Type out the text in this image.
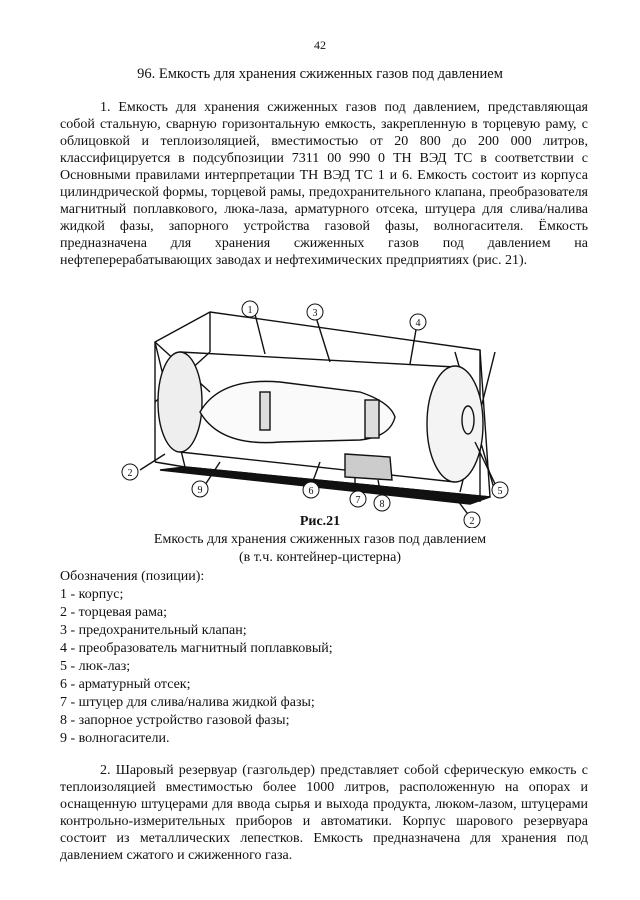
42
96. Емкость для хранения сжиженных газов под давлением
1. Емкость для хранения сжиженных газов под давлением, представляющая собой стальную, сварную горизонтальную емкость, закрепленную в торцевую раму, с облицовкой и теплоизоляцией, вместимостью от 20 800 до 200 000 литров, классифицируется в подсубпозиции 7311 00 990 0 ТН ВЭД ТС в соответствии с Основными правилами интерпретации ТН ВЭД ТС 1 и 6. Емкость состоит из корпуса цилиндрической формы, торцевой рамы, предохранительного клапана, преобразователя магнитный поплавкового, люка-лаза, арматурного отсека, штуцера для слива/налива жидкой фазы, запорного устройства газовой фазы, волногасителя. Ёмкость предназначена для хранения сжиженных газов под давлением на нефтеперерабатывающих заводах и нефтехимических предприятиях (рис. 21).
1	3
4
2
9	6
7 8
5
2
Рис.21
Емкость для хранения сжиженных газов под давлением
(в т.ч. контейнер-цистерна)
Обозначения (позиции):
1 - корпус;
2 - торцевая рама;
3 - предохранительный клапан;
4 - преобразователь магнитный поплавковый;
5 - люк-лаз;
6 - арматурный отсек;
7 - штуцер для слива/налива жидкой фазы;
8 - запорное устройство газовой фазы;
9 - волногасители.
2. Шаровый резервуар (газгольдер) представляет собой сферическую емкость с теплоизоляцией вместимостью более 1000 литров, расположенную на опорах и оснащенную штуцерами для ввода сырья и выхода продукта, люком-лазом, штуцерами контрольно-измерительных приборов и автоматики. Корпус шарового резервуара состоит из металлических лепестков. Емкость предназначена для хранения под давлением сжатого и сжиженного газа.
